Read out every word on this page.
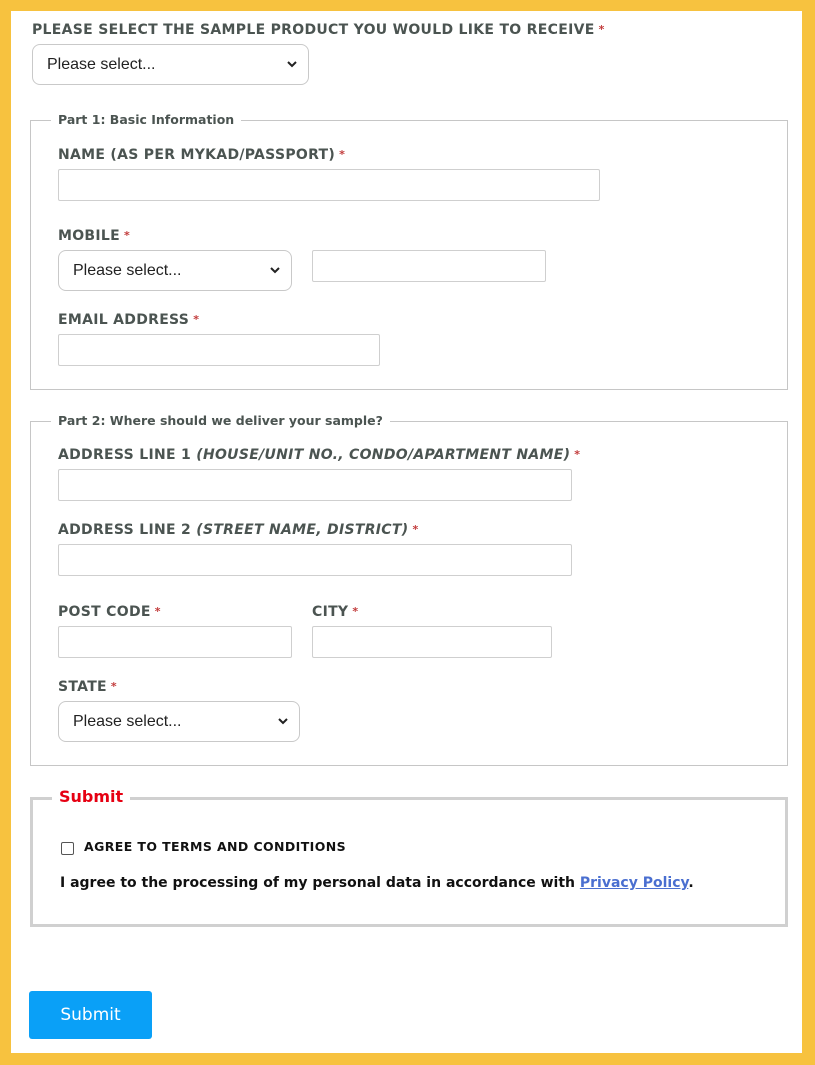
PLEASE SELECT THE SAMPLE PRODUCT YOU WOULD LIKE TO RECEIVE *
Please select...
Part 1: Basic Information
NAME (AS PER MYKAD/PASSPORT) *
MOBILE *
Please select...
EMAIL ADDRESS *
Part 2: Where should we deliver your sample?
ADDRESS LINE 1 (HOUSE/UNIT NO., CONDO/APARTMENT NAME) *
ADDRESS LINE 2 (STREET NAME, DISTRICT) *
POST CODE *	CITY *
STATE *
Please select...
Submit
AGREE TO TERMS AND CONDITIONS
I agree to the processing of my personal data in accordance with Privacy Policy.
Submit
